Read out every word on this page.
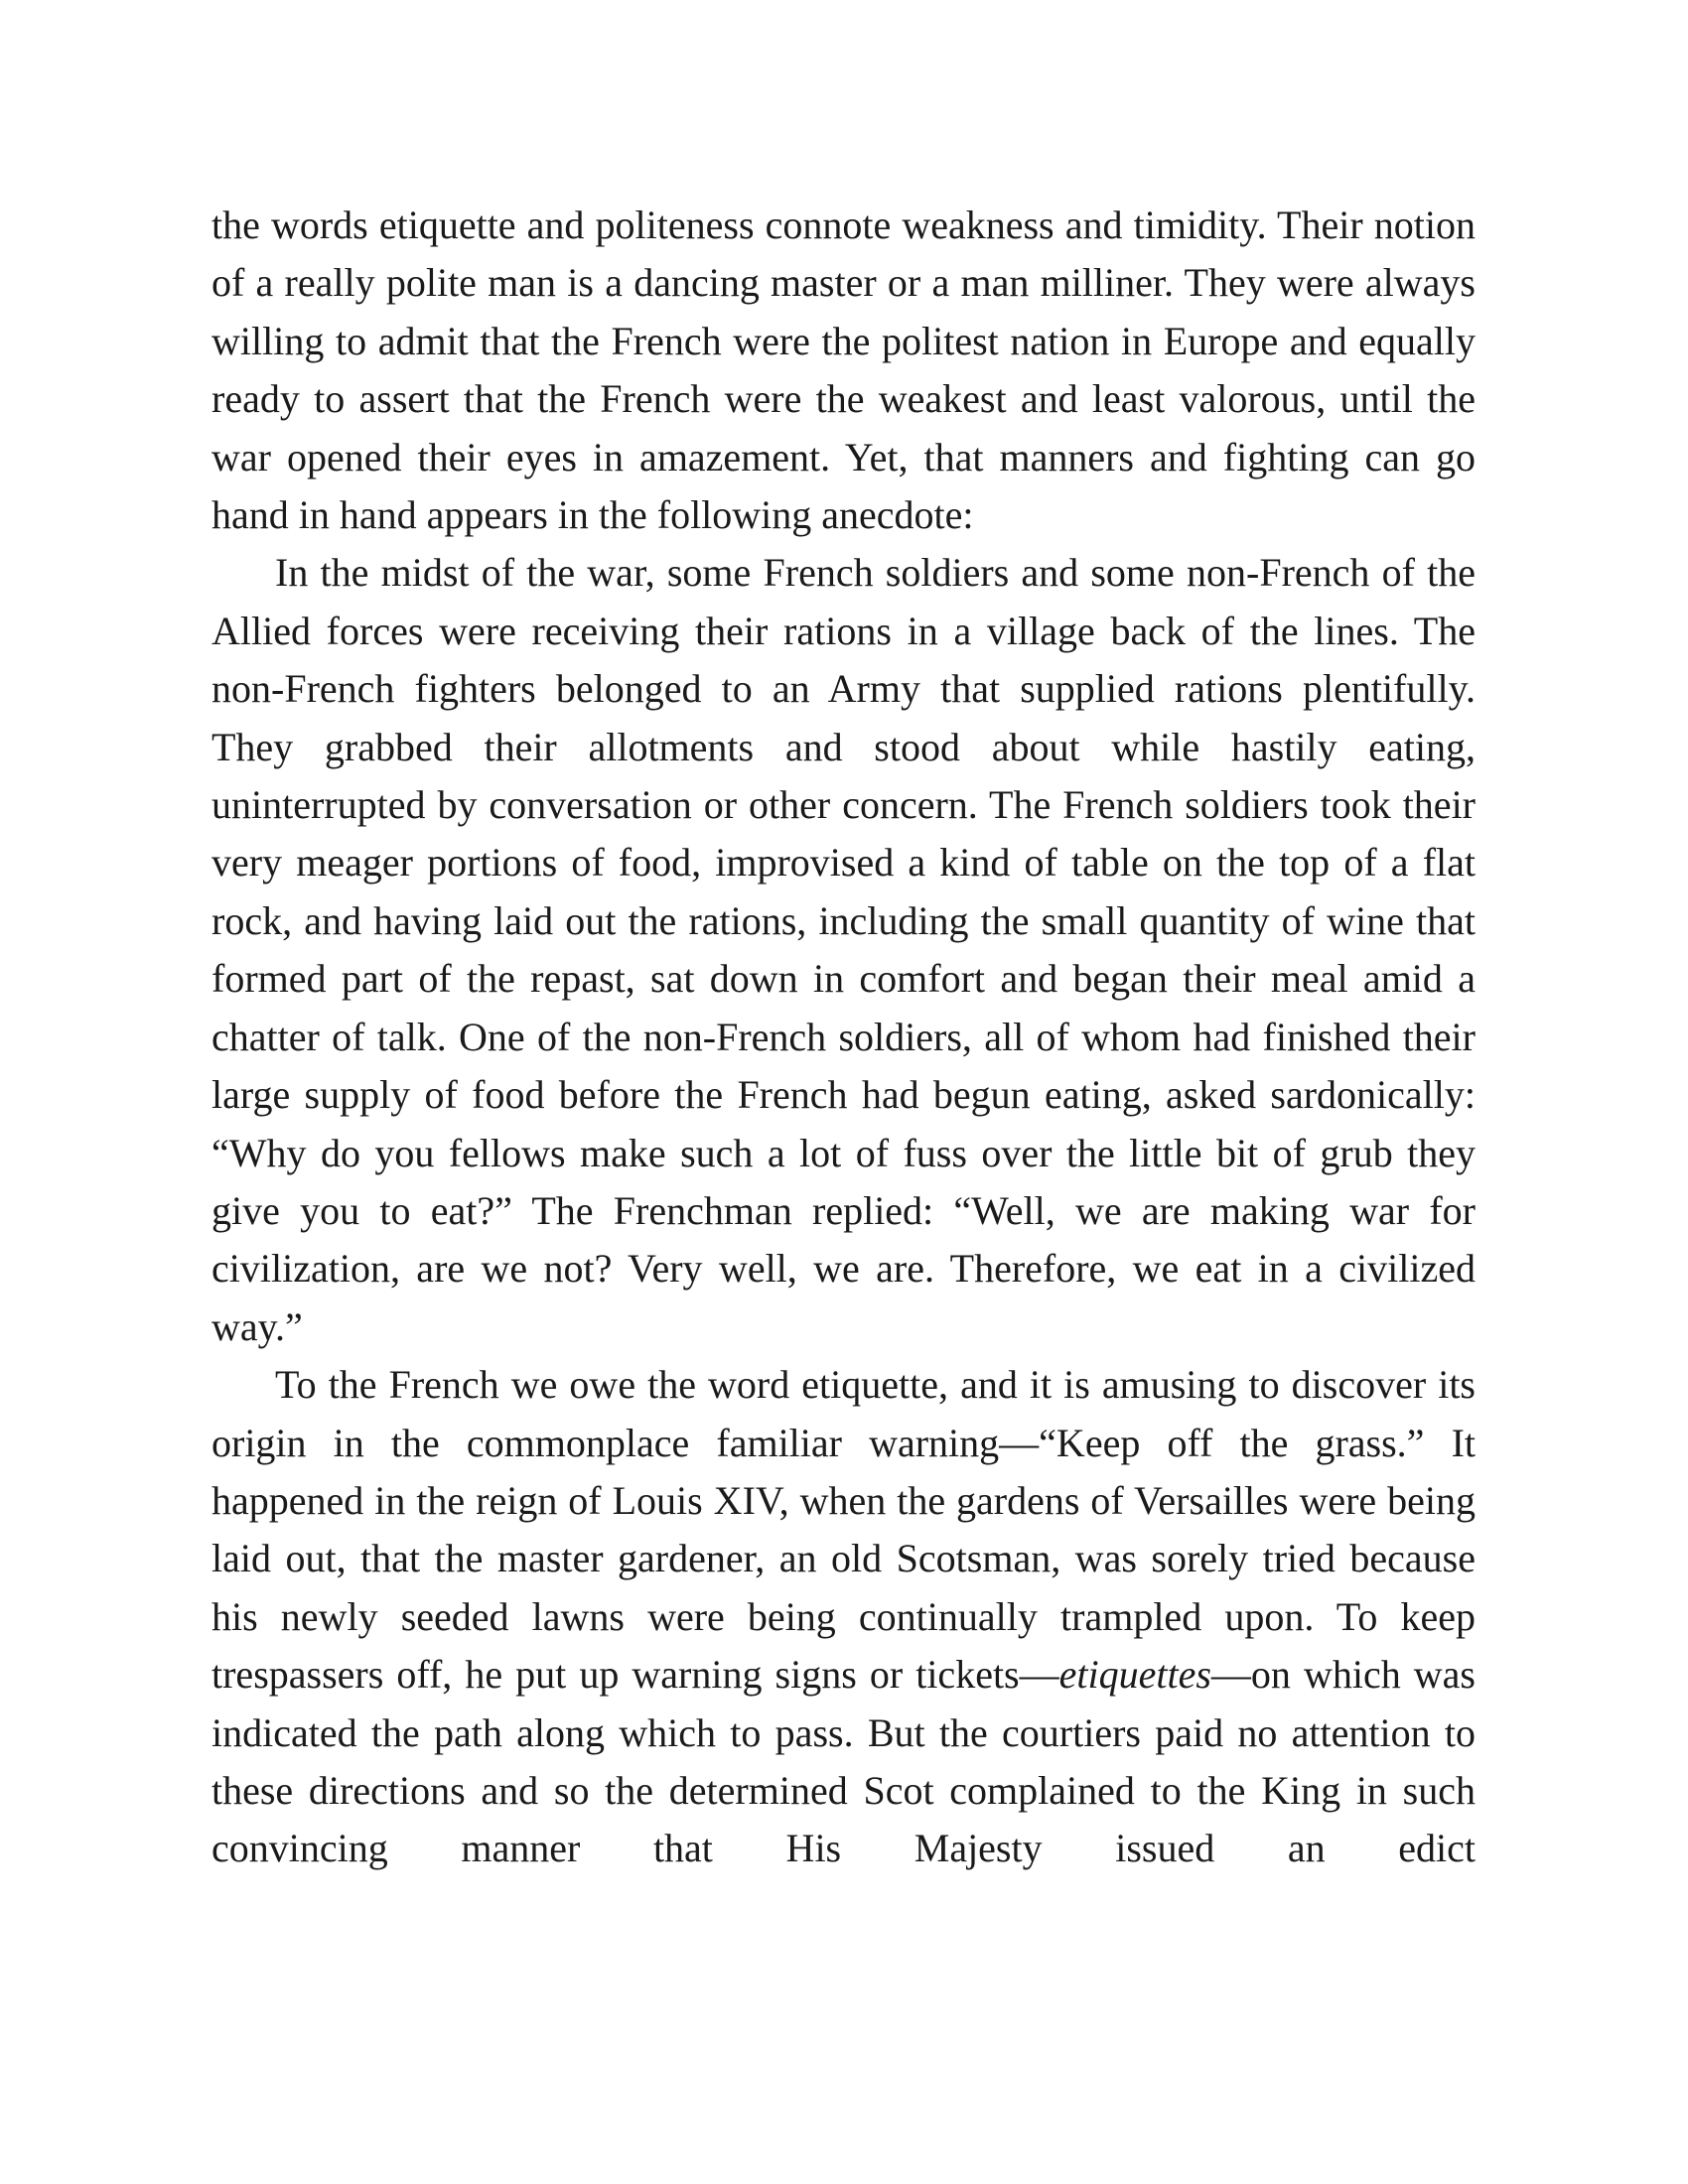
the words etiquette and politeness connote weakness and timidity. Their notion of a really polite man is a dancing master or a man milliner. They were always willing to admit that the French were the politest nation in Europe and equally ready to assert that the French were the weakest and least valorous, until the war opened their eyes in amazement. Yet, that manners and fighting can go hand in hand appears in the following anecdote:

In the midst of the war, some French soldiers and some non-French of the Allied forces were receiving their rations in a village back of the lines. The non-French fighters belonged to an Army that supplied rations plentifully. They grabbed their allotments and stood about while hastily eating, uninterrupted by conversation or other concern. The French soldiers took their very meager portions of food, improvised a kind of table on the top of a flat rock, and having laid out the rations, including the small quantity of wine that formed part of the repast, sat down in comfort and began their meal amid a chatter of talk. One of the non-French soldiers, all of whom had finished their large supply of food before the French had begun eating, asked sardonically: “Why do you fellows make such a lot of fuss over the little bit of grub they give you to eat?” The Frenchman replied: “Well, we are making war for civilization, are we not? Very well, we are. Therefore, we eat in a civilized way.”

To the French we owe the word etiquette, and it is amusing to discover its origin in the commonplace familiar warning—“Keep off the grass.” It happened in the reign of Louis XIV, when the gardens of Versailles were being laid out, that the master gardener, an old Scotsman, was sorely tried because his newly seeded lawns were being continually trampled upon. To keep trespassers off, he put up warning signs or tickets—etiquettes—on which was indicated the path along which to pass. But the courtiers paid no attention to these directions and so the determined Scot complained to the King in such convincing manner that His Majesty issued an edict
